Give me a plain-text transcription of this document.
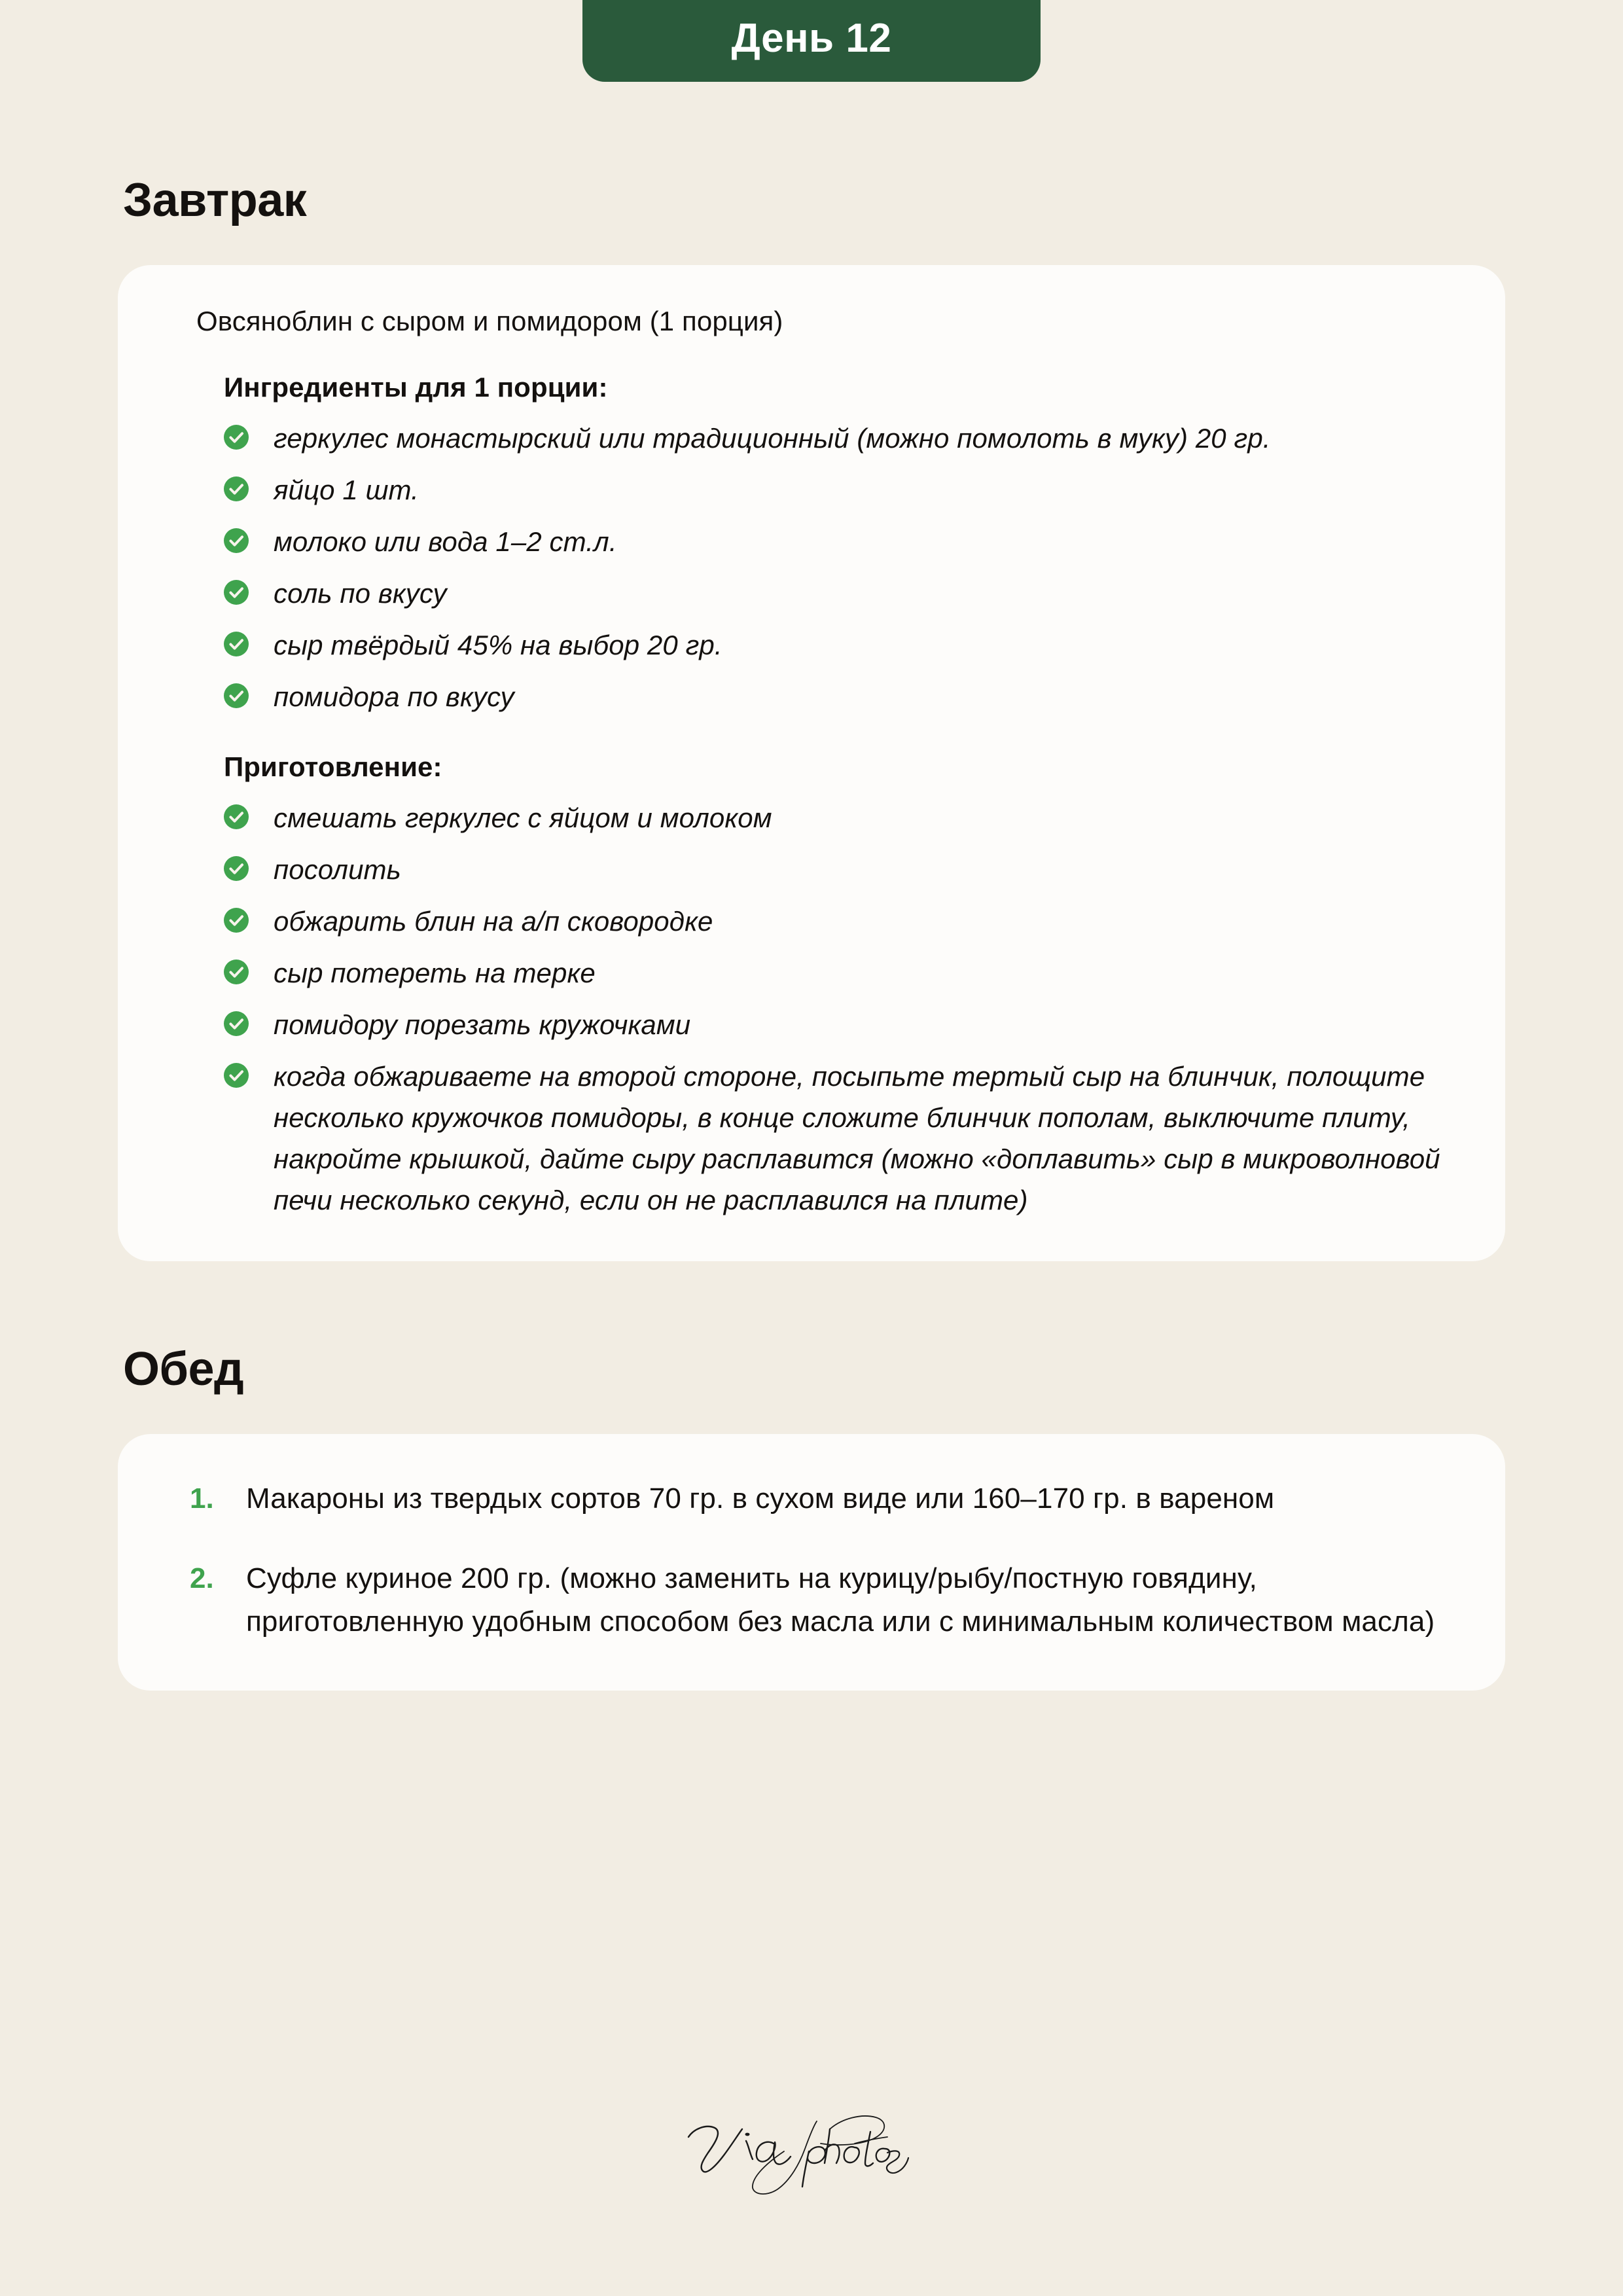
День 12
Завтрак

Овсяноблин с сыром и помидором (1 порция)

Ингредиенты для 1 порции:
геркулес монастырский или традиционный (можно помолоть в муку) 20 гр.
яйцо 1 шт.
молоко или вода 1–2 ст.л.
соль по вкусу
сыр твёрдый 45% на выбор 20 гр.
помидора по вкусу
Приготовление:
смешать геркулес с яйцом и молоком
посолить
обжарить блин на а/п сковородке
сыр потереть на терке
помидору порезать кружочками
когда обжариваете на второй стороне, посыпьте тертый сыр на блинчик, полощите несколько кружочков помидоры, в конце сложите блинчик пополам, выключите плиту, накройте крышкой, дайте сыру расплавится (можно «доплавить» сыр в микроволновой печи несколько секунд, если он не расплавился на плите)
Обед
1.	Макароны из твердых сортов 70 гр. в сухом виде или 160–170 гр. в вареном
2.	Суфле куриное 200 гр. (можно заменить на курицу/рыбу/постную говядину, приготовленную удобным способом без масла или с минимальным количеством масла)
